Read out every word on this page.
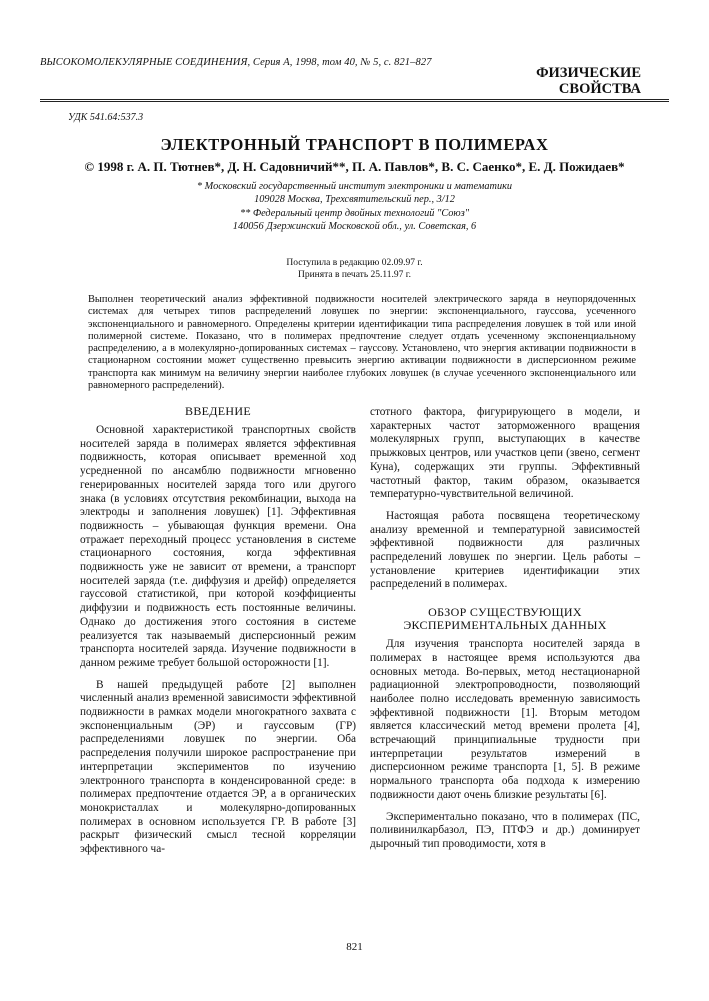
ВЫСОКОМОЛЕКУЛЯРНЫЕ СОЕДИНЕНИЯ, Серия А, 1998, том 40, № 5, с. 821–827
ФИЗИЧЕСКИЕ
СВОЙСТВА
УДК 541.64:537.3
ЭЛЕКТРОННЫЙ ТРАНСПОРТ В ПОЛИМЕРАХ
© 1998 г. А. П. Тютнев*, Д. Н. Садовничий**, П. А. Павлов*, В. С. Саенко*, Е. Д. Пожидаев*
* Московский государственный институт электроники и математики
109028 Москва, Трехсвятительский пер., 3/12
** Федеральный центр двойных технологий "Союз"
140056 Дзержинский Московской обл., ул. Советская, 6
Поступила в редакцию 02.09.97 г.
Принята в печать 25.11.97 г.
Выполнен теоретический анализ эффективной подвижности носителей электрического заряда в неупорядоченных системах для четырех типов распределений ловушек по энергии: экспоненциального, гауссова, усеченного экспоненциального и равномерного. Определены критерии идентификации типа распределения ловушек в той или иной полимерной системе. Показано, что в полимерах предпочтение следует отдать усеченному экспоненциальному распределению, а в молекулярно-допированных системах – гауссову. Установлено, что энергия активации подвижности в стационарном состоянии может существенно превысить энергию активации подвижности в дисперсионном режиме транспорта как минимум на величину энергии наиболее глубоких ловушек (в случае усеченного экспоненциального или равномерного распределений).

ВВЕДЕНИЕ

Основной характеристикой транспортных свойств носителей заряда в полимерах является эффективная подвижность, которая описывает временной ход усредненной по ансамблю подвижности мгновенно генерированных носителей заряда того или другого знака (в условиях отсутствия рекомбинации, выхода на электроды и заполнения ловушек) [1]. Эффективная подвижность – убывающая функция времени. Она отражает переходный процесс установления в системе стационарного состояния, когда эффективная подвижность уже не зависит от времени, а транспорт носителей заряда (т.е. диффузия и дрейф) определяется гауссовой статистикой, при которой коэффициенты диффузии и подвижность есть постоянные величины. Однако до достижения этого состояния в системе реализуется так называемый дисперсионный режим транспорта носителей заряда. Изучение подвижности в данном режиме требует большой осторожности [1].

В нашей предыдущей работе [2] выполнен численный анализ временной зависимости эффективной подвижности в рамках модели многократного захвата с экспоненциальным (ЭР) и гауссовым (ГР) распределениями ловушек по энергии. Оба распределения получили широкое распространение при интерпретации экспериментов по изучению электронного транспорта в конденсированной среде: в полимерах предпочтение отдается ЭР, а в органических монокристаллах и молекулярно-допированных полимерах в основном используется ГР. В работе [3] раскрыт физический смысл тесной корреляции эффективного ча-

стотного фактора, фигурирующего в модели, и характерных частот заторможенного вращения молекулярных групп, выступающих в качестве прыжковых центров, или участков цепи (звено, сегмент Куна), содержащих эти группы. Эффективный частотный фактор, таким образом, оказывается температурно-чувствительной величиной.

Настоящая работа посвящена теоретическому анализу временной и температурной зависимостей эффективной подвижности для различных распределений ловушек по энергии. Цель работы – установление критериев идентификации этих распределений в полимерах.

ОБЗОР СУЩЕСТВУЮЩИХ ЭКСПЕРИМЕНТАЛЬНЫХ ДАННЫХ

Для изучения транспорта носителей заряда в полимерах в настоящее время используются два основных метода. Во-первых, метод нестационарной радиационной электропроводности, позволяющий наиболее полно исследовать временную зависимость эффективной подвижности [1]. Вторым методом является классический метод времени пролета [4], встречающий принципиальные трудности при интерпретации результатов измерений в дисперсионном режиме транспорта [1, 5]. В режиме нормального транспорта оба подхода к измерению подвижности дают очень близкие результаты [6].

Экспериментально показано, что в полимерах (ПС, поливинилкарбазол, ПЭ, ПТФЭ и др.) доминирует дырочный тип проводимости, хотя в

821
